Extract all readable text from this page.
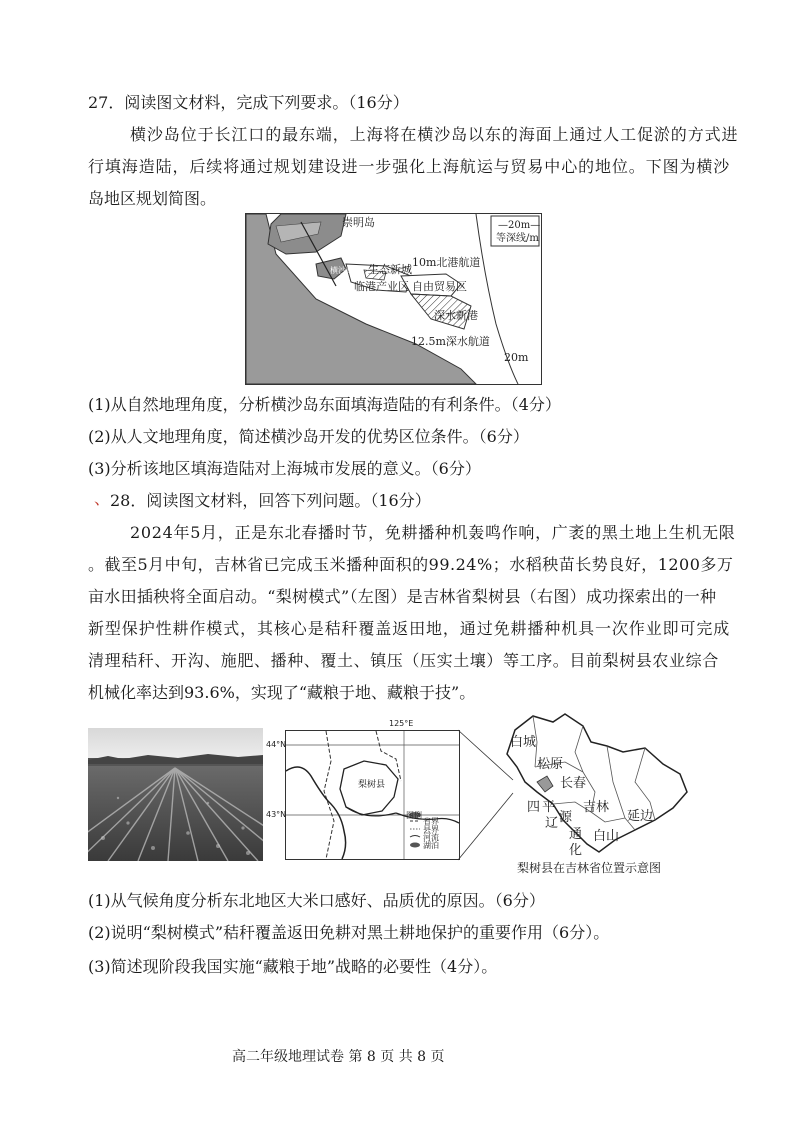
27．阅读图文材料，完成下列要求。（16分）
横沙岛位于长江口的最东端，上海将在横沙岛以东的海面上通过人工促淤的方式进
行填海造陆，后续将通过规划建设进一步强化上海航运与贸易中心的地位。下图为横沙
岛地区规划简图。
崇明岛
横沙岛 生态新城
临港产业区 自由贸易区
深水新港
10m北港航道
12.5m深水航道
20m
—20m—
等深线/m
(1)从自然地理角度，分析横沙岛东面填海造陆的有利条件。（4分）
(2)从人文地理角度，简述横沙岛开发的优势区位条件。（6分）
(3)分析该地区填海造陆对上海城市发展的意义。（6分）
、 28．阅读图文材料，回答下列问题。（16分）
2024年5月，正是东北春播时节，免耕播种机轰鸣作响，广袤的黑土地上生机无限
。截至5月中旬，吉林省已完成玉米播种面积的99.24%；水稻秧苗长势良好，1200多万
亩水田插秧将全面启动。“梨树模式”（左图）是吉林省梨树县（右图）成功探索出的一种
新型保护性耕作模式，其核心是秸秆覆盖返田地，通过免耕播种机具一次作业即可完成
清理秸秆、开沟、施肥、播种、覆土、镇压（压实土壤）等工序。目前梨树县农业综合
机械化率达到93.6%，实现了“藏粮于地、藏粮于技”。
梨树县
图例
省界
县界
河流
湖泊
125°E
44°N
43°N
白城
松原
长春
四 平 吉林
辽 源
通
化
白山
延边
梨树县在吉林省位置示意图
(1)从气候角度分析东北地区大米口感好、品质优的原因。（6分）
(2)说明“梨树模式”秸秆覆盖返田免耕对黑土耕地保护的重要作用（6分）。
(3)简述现阶段我国实施“藏粮于地”战略的必要性（4分）。
高二年级地理试卷 第 8 页 共 8 页
